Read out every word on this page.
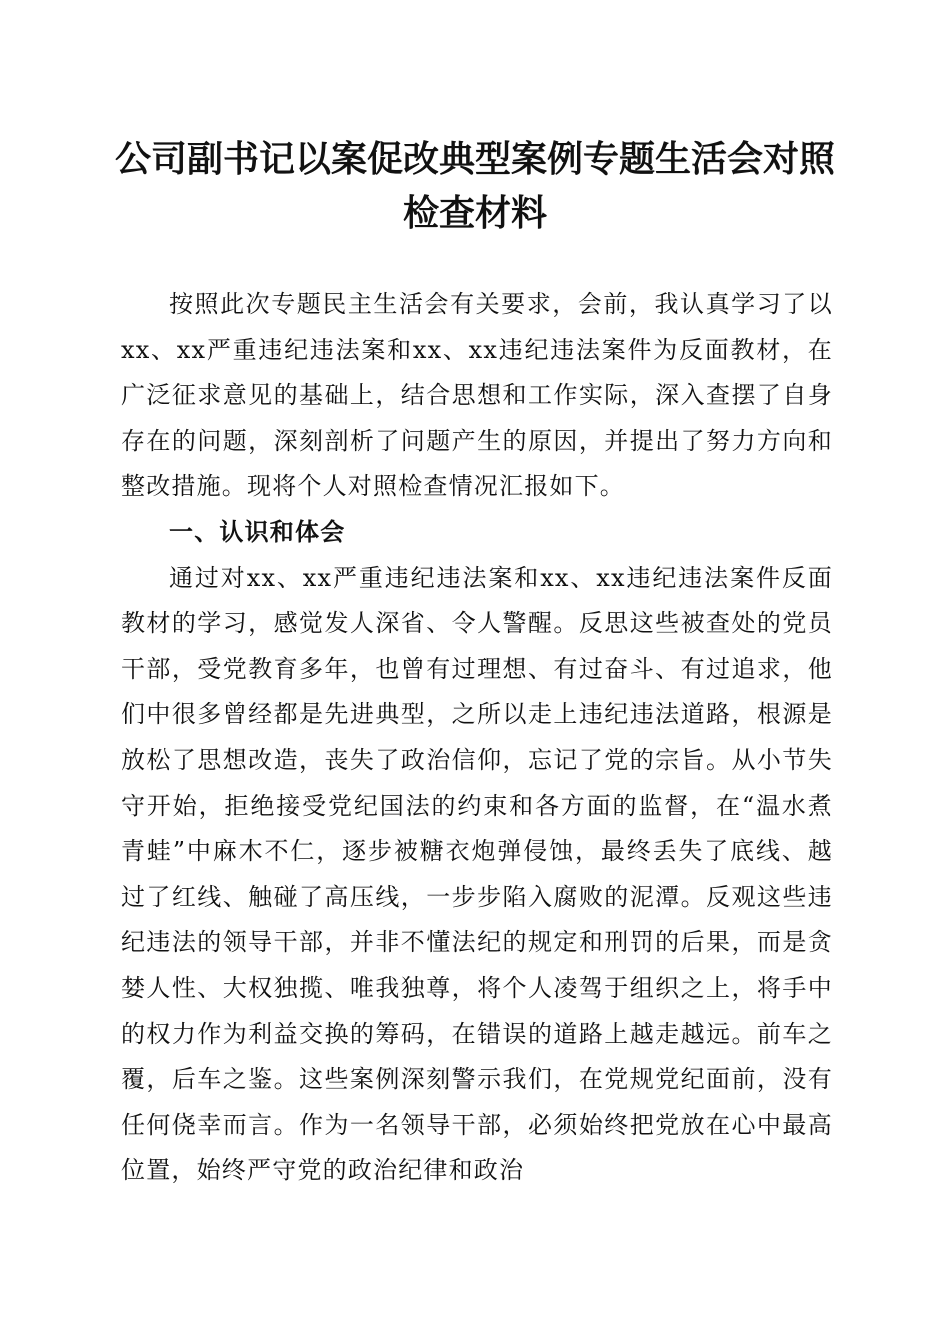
公司副书记以案促改典型案例专题生活会对照
检查材料

按照此次专题民主生活会有关要求，会前，我认真学习了以xx、xx严重违纪违法案和xx、xx违纪违法案件为反面教材，在广泛征求意见的基础上，结合思想和工作实际，深入查摆了自身存在的问题，深刻剖析了问题产生的原因，并提出了努力方向和整改措施。现将个人对照检查情况汇报如下。

一、认识和体会

通过对xx、xx严重违纪违法案和xx、xx违纪违法案件反面教材的学习，感觉发人深省、令人警醒。反思这些被查处的党员干部，受党教育多年，也曾有过理想、有过奋斗、有过追求，他们中很多曾经都是先进典型，之所以走上违纪违法道路，根源是放松了思想改造，丧失了政治信仰，忘记了党的宗旨。从小节失守开始，拒绝接受党纪国法的约束和各方面的监督，在“温水煮青蛙”中麻木不仁，逐步被糖衣炮弹侵蚀，最终丢失了底线、越过了红线、触碰了高压线，一步步陷入腐败的泥潭。反观这些违纪违法的领导干部，并非不懂法纪的规定和刑罚的后果，而是贪婪人性、大权独揽、唯我独尊，将个人凌驾于组织之上，将手中的权力作为利益交换的筹码，在错误的道路上越走越远。前车之覆，后车之鉴。这些案例深刻警示我们，在党规党纪面前，没有任何侥幸而言。作为一名领导干部，必须始终把党放在心中最高位置，始终严守党的政治纪律和政治
